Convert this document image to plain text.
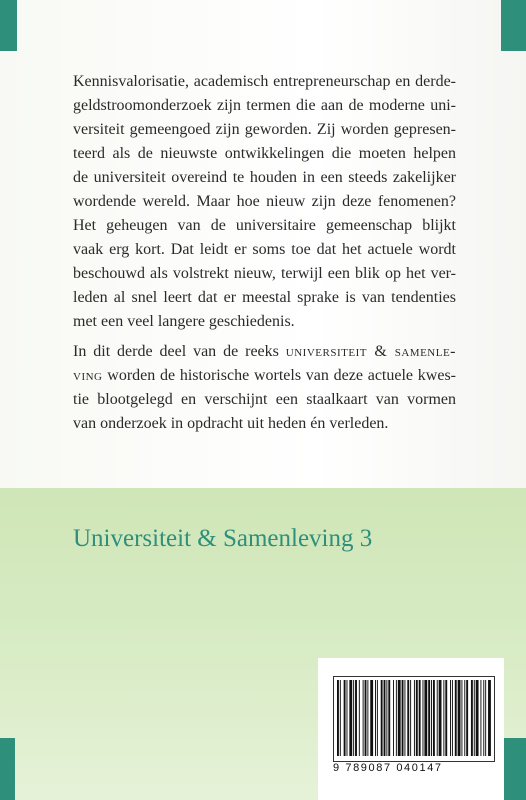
Kennisvalorisatie, academisch entrepreneurschap en derde-
geldstroomonderzoek zijn termen die aan de moderne uni-
versiteit gemeengoed zijn geworden. Zij worden gepresen-
teerd als de nieuwste ontwikkelingen die moeten helpen
de universiteit overeind te houden in een steeds zakelijker
wordende wereld. Maar hoe nieuw zijn deze fenomenen?
Het geheugen van de universitaire gemeenschap blijkt
vaak erg kort. Dat leidt er soms toe dat het actuele wordt
beschouwd als volstrekt nieuw, terwijl een blik op het ver-
leden al snel leert dat er meestal sprake is van tendenties
met een veel langere geschiedenis.
In dit derde deel van de reeks universiteit & samenle-
ving worden de historische wortels van deze actuele kwes-
tie blootgelegd en verschijnt een staalkaart van vormen
van onderzoek in opdracht uit heden én verleden.
Universiteit & Samenleving 3
9 789087 040147
